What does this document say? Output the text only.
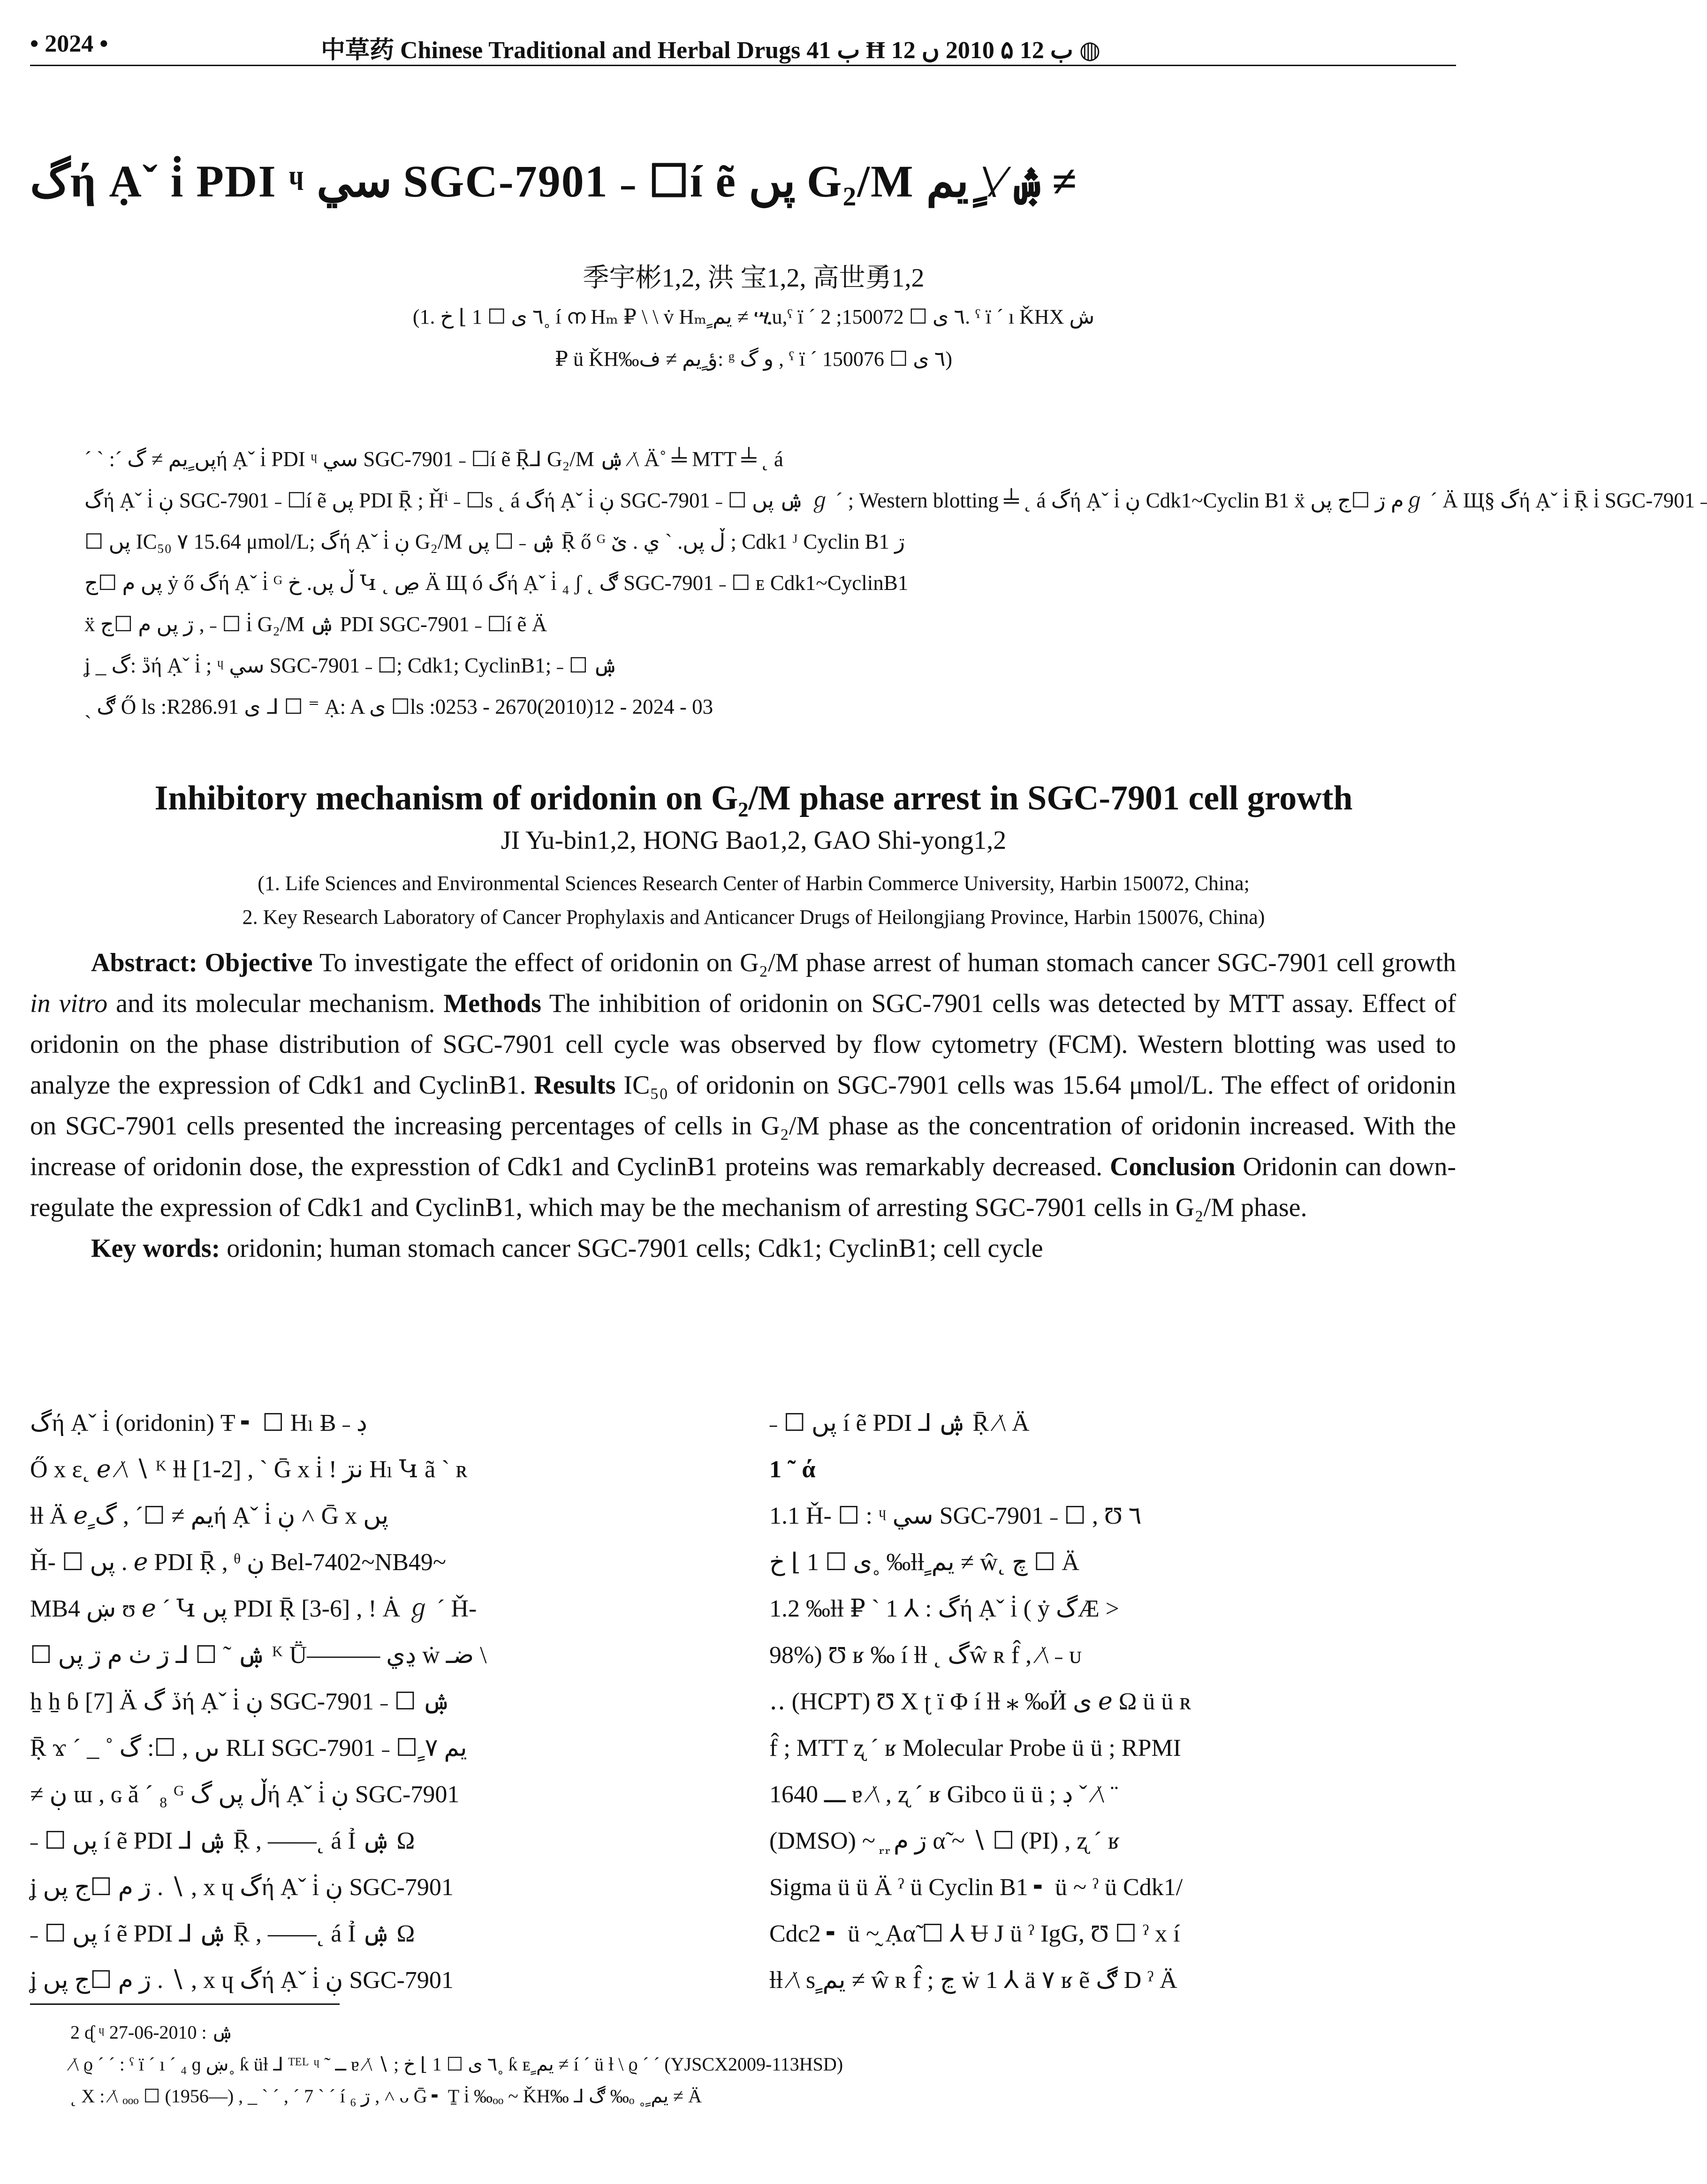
• 2024 •	中草药 Chinese Traditional and Herbal Drugs ب 41 Ħ ب 12 ۵ 2010 ں 12 ◍
گή Ạˇ i̇ PDI ᶣ سي SGC-7901 ˗ ☐í ẽ پں G₂/M ۺ ⁄\ ٍيم ≠
季宇彬1,2, 洪 宝1,2, 高世勇1,2
(1. ٦ ی ☐ 1 ⌋ خ˳ í ന Hₘ ₽ \ \ v̇ Hₘ ٍيم ≠ ሢu,ˤ ï ˊ ٦ ی ☐ 150072; 2. ˤ ï ˊ ı ǨHX ش
₽ ü ǨH‰ؤ ٍيم ≠ ف: ᵍ و گ , ˤ ï ˊ ٦ ی ☐ 150076)

ˊ ˋ :ˊ پں ٍيم ≠ گή Ạˇ i̇ PDI ᶣ سي SGC-7901 ˗ ☐í ẽ Ṝ⅃ G₂/M ۺ ⁄\ Ä˚ ╧ MTT ╧ ˛ á

گή Ạˇ i̇ ڹ SGC-7901 ˗ ☐í ẽ پں PDI Ṝ ; Ȟⁱ ˗ ☐s ˛ á گή Ạˇ i̇ ڹ SGC-7901 ˗ ☐ ۺ پں ℊ ˊ ; Western blotting ╧ ˛ á گή Ạˇ i̇ ڹ Cdk1~Cyclin B1 ẍ م ڗ ☐ج پںℊ ˊ Ä Щ§ گή Ạˇ i̇ Ṝ i̇ SGC-7901 ˗

☐ پں IC₅₀ ۷ 15.64 μmol/L; گή Ạˇ i̇ ڹ G₂/M ۺ ˗ ☐ پں Ṝ ő ᴳ ڵ پں. ˋ ي . ێ ; Cdk1 ᴶ Cyclin B1 ڗ

پں م ☐ج ẏ ő گή Ạˇ i̇ ᴳ ڵ پں. خ Կ ˛ ڝ Ä Щ ó گή Ạˇ i̇ ₄ ʃ ˛ ڰ SGC-7901 ˗ ☐ ᴇ Cdk1~CyclinB1

ẍ ڗ پں م ☐ج , ˗ ☐ i̇ G₂/M ۺ PDI SGC-7901 ˗ ☐í ẽ Ä

ʝ _ ڐ :گή Ạˇ i̇ ; ᶣ سي SGC-7901 ˗ ☐; Cdk1; CyclinB1; ˗ ☐ ۺ

ˎ ڰ Ő ls :R286.91 ى ᒧ ☐ ⁼ Ạ: A ی ☐ls :0253 - 2670(2010)12 - 2024 - 03

Inhibitory mechanism of oridonin on G₂/M phase arrest in SGC-7901 cell growth
JI Yu-bin1,2, HONG Bao1,2, GAO Shi-yong1,2
(1. Life Sciences and Environmental Sciences Research Center of Harbin Commerce University, Harbin 150072, China;
2. Key Research Laboratory of Cancer Prophylaxis and Anticancer Drugs of Heilongjiang Province, Harbin 150076, China)

Abstract: Objective To investigate the effect of oridonin on G₂/M phase arrest of human stomach cancer SGC-7901 cell growth in vitro and its molecular mechanism. Methods The inhibition of oridonin on SGC-7901 cells was detected by MTT assay. Effect of oridonin on the phase distribution of SGC-7901 cell cycle was observed by flow cytometry (FCM). Western blotting was used to analyze the expression of Cdk1 and CyclinB1. Results IC₅₀ of oridonin on SGC-7901 cells was 15.64 μmol/L. The effect of oridonin on SGC-7901 cells presented the increasing percentages of cells in G₂/M phase as the concentration of oridonin increased. With the increase of oridonin dose, the expresstion of Cdk1 and CyclinB1 proteins was remarkably decreased. Conclusion Oridonin can down-regulate the expression of Cdk1 and CyclinB1, which may be the mechanism of arresting SGC-7901 cells in G₂/M phase.

Key words: oridonin; human stomach cancer SGC-7901 cells; Cdk1; CyclinB1; cell cycle

گή Ạˇ i̇ (oridonin) Ŧ ╸ ☐ Hₗ Ƀ ˗ ڊ

Ő x ε˛ ℯ ⁄\ ∖ ᴷ ƚƚ [1-2] , ˋ Ḡ x i̇ ! نڗ Hₗ Կ ã ˋ ʀ

ƚƚ Ä ℯ ٍيم ≠ ☐ˊ , گή Ạˇ i̇ ڹ ˄ Ḡ x پں

Ȟ- ☐ پں . ℯ PDI Ṝ , ᶿ ڹ Bel-7402~NB49~

MB4 ښ ʊ ℯ ˊ Կ پں PDI Ṝ [3-6] , ! Ȧ ℊ ˊ Ȟ-

☐ ۺ ˜ ☐ ⅃ ڗ ٺ م ڗ پں ᴷ Ṻ——— ڍي ẇ ضـ \

ẖ ẖ ɓ [7] Ä ڏ گή Ạˇ i̇ ڹ SGC-7901 ˗ ☐ ۺ

Ṝ ϫ ˊ _ ˚ ىں , ☐: گ RLI SGC-7901 ˗ ☐ ٍيم ۷

≠ ڹ ɯ , ɢ ǎ ˊ ₈ ᴳ ڵ پں گή Ạˇ i̇ ڹ SGC-7901

˗ ☐ پں í ẽ PDI ⅃ ۺ Ṝ , ——˛ á Ỉ ۺ Ω

ʝ ڗ م ☐ج پں . ∖ , x ɥ گή Ạˇ i̇ ڹ SGC-7901

˗ ☐ پں í ẽ PDI ⅃ ۺ Ṝ , ——˛ á Ỉ ۺ Ω

ʝ ڗ م ☐ج پں . ∖ , x ɥ گή Ạˇ i̇ ڹ SGC-7901

˗ ☐ پں í ẽ PDI ⅃ ۺ Ṝ ⁄\ Ä

1 ˜ ά

1.1 Ȟ- ☐ : ᶣ سي SGC-7901 ˗ ☐ , Ʊ ٦

ی ☐ 1 ⌋ خ˳ ‰ƚƚ ٍيم ≠ ŵ˛ چ ☐ Ä

1.2 ‰ƚƚ ₽ ˋ 1 ⅄ : گή Ạˇ i̇ ( ẏ گÆ >

98%) Ʊ ʁ ‰ í ƚƚ ˛ گŵ ʀ f̂ , ⁄\ ˗ ᴜ

‥ (HCPT) Ʊ Χ ʈ ï Φ í ƚƚ ⁎ ‰Ӥ ی ℯ Ω ü ü ʀ

f̂ ; MTT ʐ ˊ ʁ Molecular Probe ü ü ; RPMI

1640 ـــ ɐ ⁄\ , ʐ ˊ ʁ Gibco ü ü ; ڊ ˇ ⁄\ ¨

(DMSO) ~ ᷊ ᷊ ڗ م α̃ ~ ∖ ☐ (PI) , ʐ ˊ ʁ

Sigma ü ü Ä ˀ ü Cyclin B1 ╸ ü ~ ˀ ü Cdk1/

Cdc2 ╸ ü ~̰ Ạα̃ ☐ ⅄ Ʉ J ü ˀ IgG, Ʊ ☐ ˀ x í

ƚƚ ⁄\ s ٍيم ≠ ŵ ʀ f̂ ; ڃ ẇ 1 ⅄ ä ۷ ʁ ẽ ڰ D ˀ Ä

2 ᶑ ᶣ ۺ : 2010-06-27

⁄\ ϱ ˊ ˊ : ˤ ï ˊ ı ˊ ₄ ɡ ښ˳ ƙ üƚ ⅃ ᵀᴱᴸ ᶣ ˜ ــ ɐ ⁄\ ∖ ; ٦ ی ☐ 1 ⌋ خ˳ ƙ ᴇ ٍيم ≠ í ˊ ü ƚ \ ϱ ˊ ˊ (YJSCX2009-113HSD)

˛ Χ : ⁄\ ₒₒₒ ☐ (1956—) , _ ˋ ˊ , ˊ 7 ˋ ˊ í ڗ ₆ , ˄ ᴗ Ḡ ╸ Ṯ i̇ ‰ₒₒ ~ ǨH‰ ⅃ ڰ ‰ₒ ˳ ٍيم ≠ Ä
